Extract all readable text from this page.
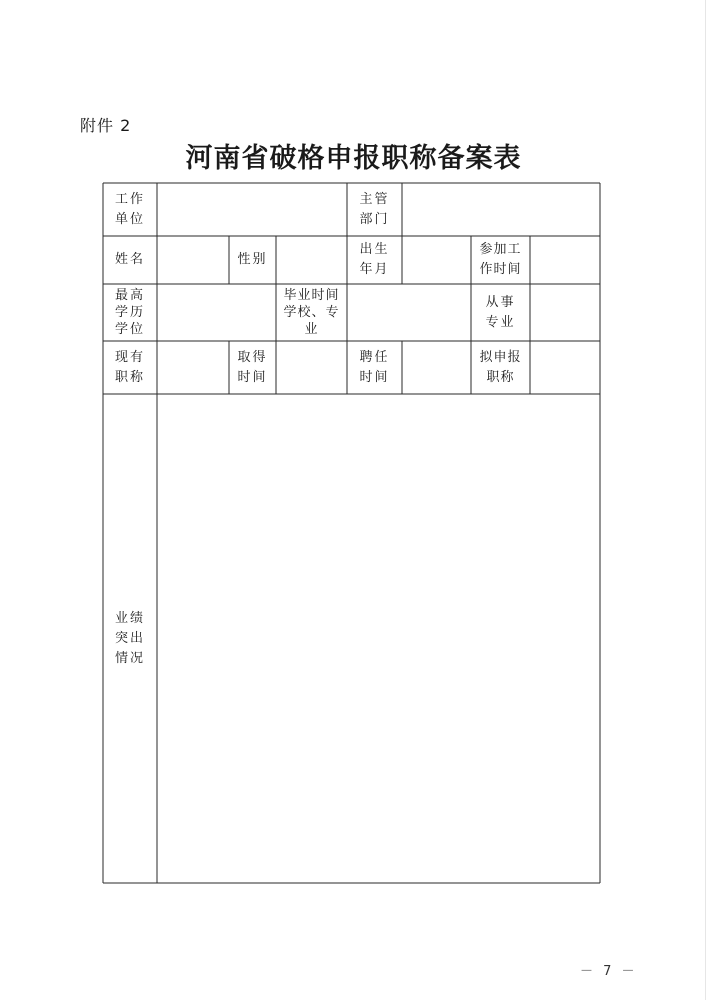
附件 2
河南省破格申报职称备案表
工作
单位
主管
部门
姓名	性别
出生
年月
参加工
作时间
最高
学历
学位
毕业时间
学校、专
业
从事
专业
现有
职称
取得
时间
聘任
时间
拟申报
职称
业绩
突出
情况
－ 7 －
